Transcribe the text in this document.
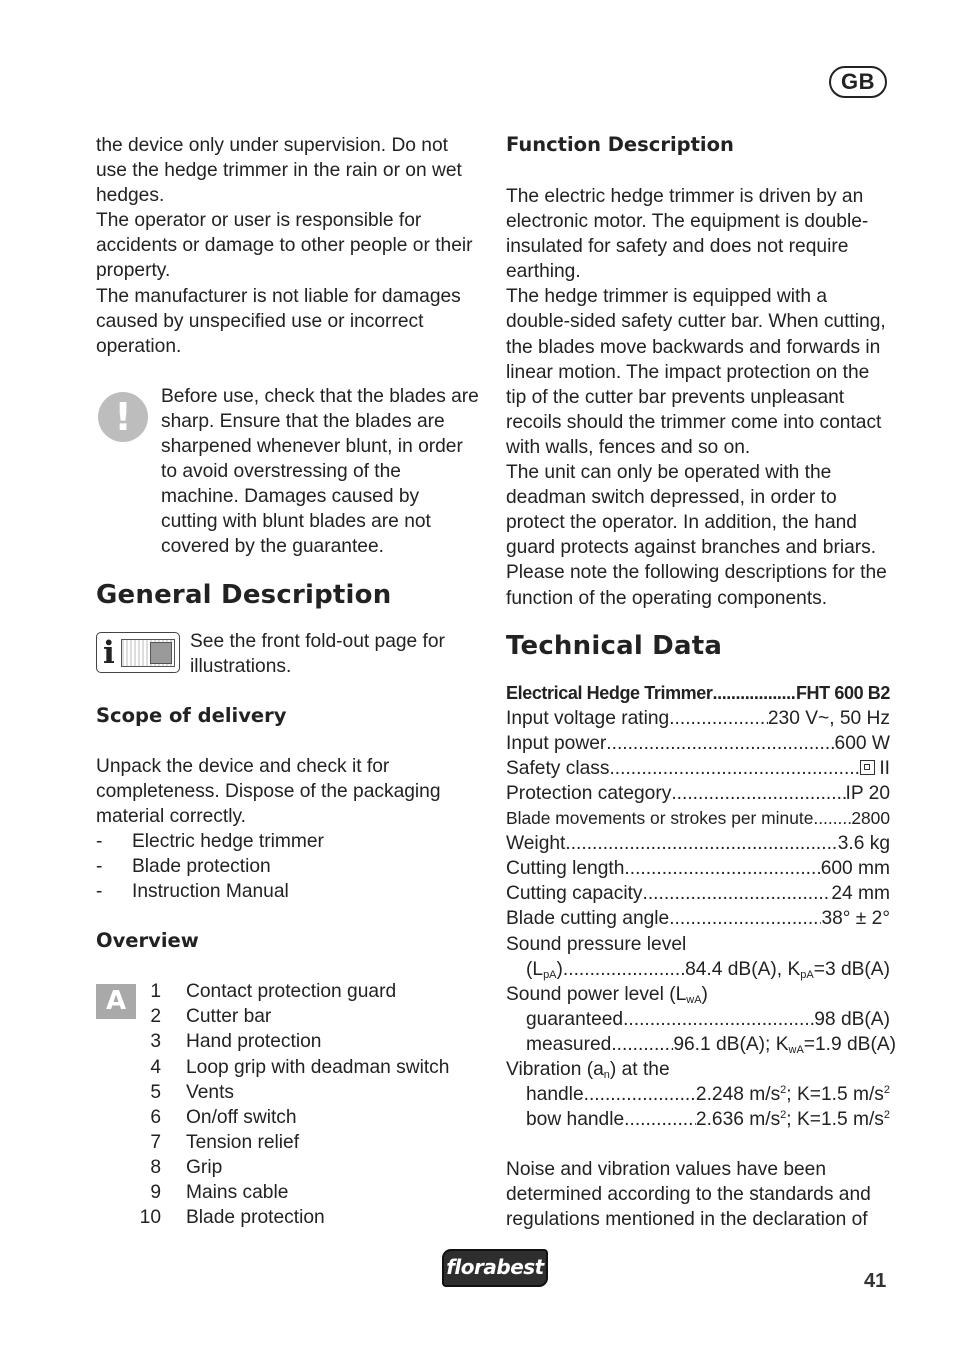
GB

the device only under supervision. Do not use the hedge trimmer in the rain or on wet hedges.

The operator or user is responsible for accidents or damage to other people or their property.

The manufacturer is not liable for damages caused by unspecified use or incorrect operation.

!	Before use, check that the blades are sharp. Ensure that the blades are sharpened whenever blunt, in order to avoid overstressing of the machine. Damages caused by cutting with blunt blades are not covered by the guarantee.

General Description
i	See the front fold-out page for illustrations.

Scope of delivery

Unpack the device and check it for completeness. Dispose of the packaging material correctly.

- Electric hedge trimmer
- Blade protection
- Instruction Manual
Overview
A	1 Contact protection guard
2 Cutter bar
3 Hand protection
4 Loop grip with deadman switch
5 Vents
6 On/off switch
7 Tension relief
8 Grip
9 Mains cable
10 Blade protection
Function Description

The electric hedge trimmer is driven by an electronic motor. The equipment is double-insulated for safety and does not require earthing.

The hedge trimmer is equipped with a double-sided safety cutter bar. When cutting, the blades move backwards and forwards in linear motion. The impact protection on the tip of the cutter bar prevents unpleasant recoils should the trimmer come into contact with walls, fences and so on.

The unit can only be operated with the deadman switch depressed, in order to protect the operator. In addition, the hand guard protects against branches and briars.

Please note the following descriptions for the function of the operating components.

Technical Data
Electrical Hedge Trimmer .....	FHT 600 B2
Input voltage rating .....	230 V~, 50 Hz
Input power .....	600 W
Safety class .....	II
Protection category .....	IP 20
Blade movements or strokes per minute ..... 2800
Weight .....	3.6 kg
Cutting length .....	600 mm
Cutting capacity .....	24 mm
Blade cutting angle .....	38° ± 2°
Sound pressure level
$(L_{pA})$ .....	84.4 dB(A), $K_{pA}=3$ dB(A)
Sound power level $(L_{wA})$
guaranteed .....	98 dB(A)
measured .....	96.1 dB(A); $K_{wA}=1.9$ dB(A)
Vibration $(a_n)$ at the
handle .....	2.248 $m/s^2$; K=1.5 $m/s^2$
bow handle .....	2.636 $m/s^2$; K=1.5 $m/s^2$

Noise and vibration values have been determined according to the standards and regulations mentioned in the declaration of

florabest
41
